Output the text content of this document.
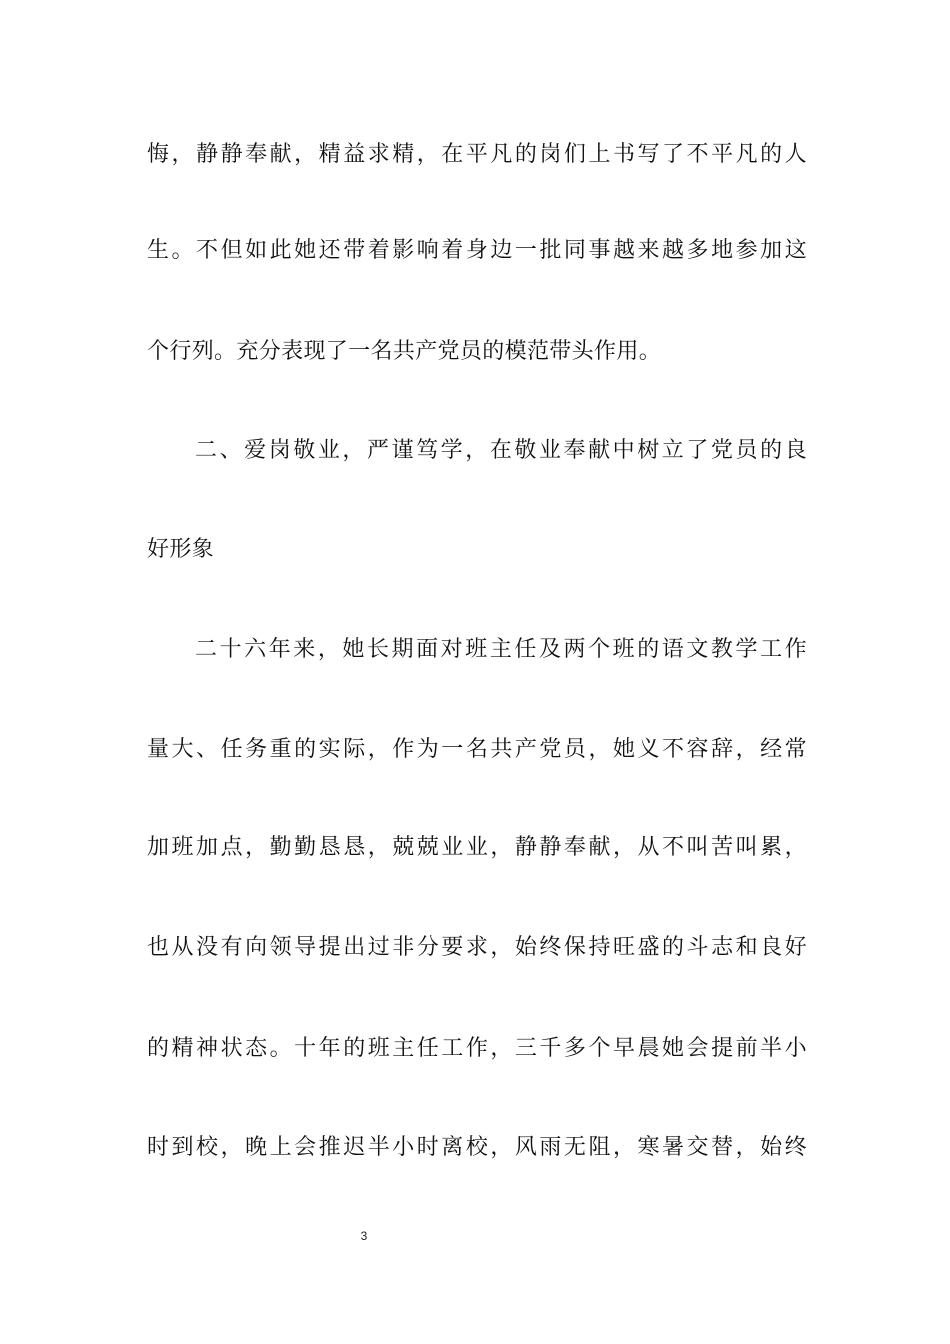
悔，静静奉献，精益求精，在平凡的岗们上书写了不平凡的人
生。不但如此她还带着影响着身边一批同事越来越多地参加这
个行列。充分表现了一名共产党员的模范带头作用。
二、爱岗敬业，严谨笃学，在敬业奉献中树立了党员的良
好形象
二十六年来，她长期面对班主任及两个班的语文教学工作
量大、任务重的实际，作为一名共产党员，她义不容辞，经常
加班加点，勤勤恳恳，兢兢业业，静静奉献，从不叫苦叫累，
也从没有向领导提出过非分要求，始终保持旺盛的斗志和良好
的精神状态。十年的班主任工作，三千多个早晨她会提前半小
时到校，晚上会推迟半小时离校，风雨无阻，寒暑交替，始终
3
